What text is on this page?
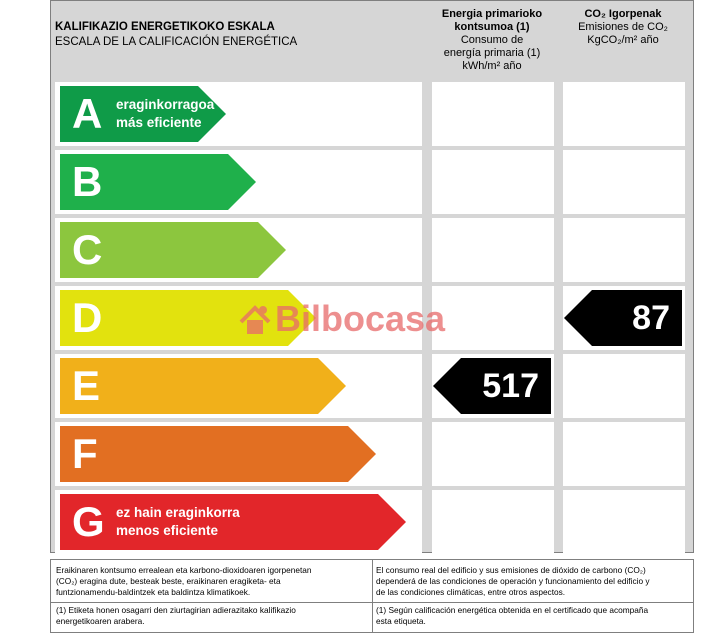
KALIFIKAZIO ENERGETIKOKO ESKALA
ESCALA DE LA CALIFICACIÓN ENERGÉTICA
Energia primarioko
kontsumoa (1)
Consumo de
energía primaria (1)
kWh/m² año
CO₂ Igorpenak
Emisiones de CO₂
KgCO₂/m² año
A eraginkorragoa
más eficiente
B
C
D
E
F
G ez hain eraginkorra
menos eficiente
517
87
Bilbocasa
Eraikinaren kontsumo errealean eta karbono-dioxidoaren igorpenetan
(CO₂) eragina dute, besteak beste, eraikinaren eragiketa- eta
funtzionamendu-baldintzek eta baldintza klimatikoek.
El consumo real del edificio y sus emisiones de dióxido de carbono (CO₂)
dependerá de las condiciones de operación y funcionamiento del edificio y
de las condiciones climáticas, entre otros aspectos.
(1) Etiketa honen osagarri den ziurtagirian adierazitako kalifikazio
energetikoaren arabera.
(1) Según calificación energética obtenida en el certificado que acompaña
esta etiqueta.
